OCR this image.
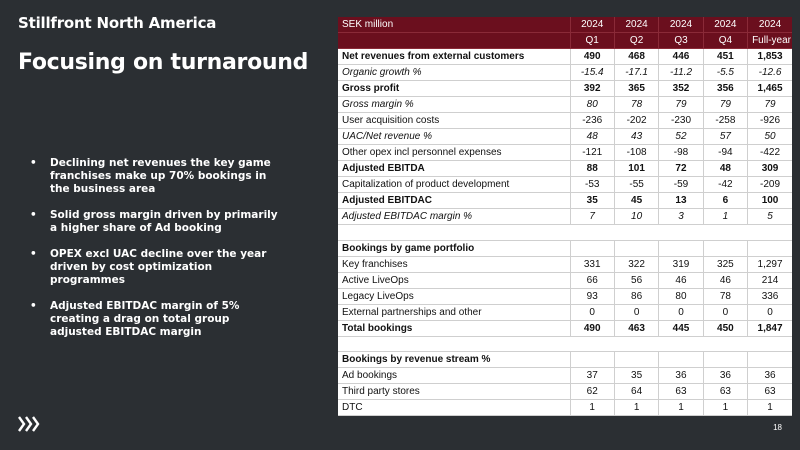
Stillfront North America
Focusing on turnaround
• Declining net revenues the key game franchises make up 70% bookings in the business area
• Solid gross margin driven by primarily a higher share of Ad booking
• OPEX excl UAC decline over the year driven by cost optimization programmes
• Adjusted EBITDAC margin of 5% creating a drag on total group adjusted EBITDAC margin
18
SEK million	2024	2024	2024	2024	2024
	Q1	Q2	Q3	Q4	Full-year
Net revenues from external customers	490	468	446	451	1,853
Organic growth %	-15.4	-17.1	-11.2	-5.5	-12.6
Gross profit	392	365	352	356	1,465
Gross margin %	80	78	79	79	79
User acquisition costs	-236	-202	-230	-258	-926
UAC/Net revenue %	48	43	52	57	50
Other opex incl personnel expenses	-121	-108	-98	-94	-422
Adjusted EBITDA	88	101	72	48	309
Capitalization of product development	-53	-55	-59	-42	-209
Adjusted EBITDAC	35	45	13	6	100
Adjusted EBITDAC margin %	7	10	3	1	5

Bookings by game portfolio					
Key franchises	331	322	319	325	1,297
Active LiveOps	66	56	46	46	214
Legacy LiveOps	93	86	80	78	336
External partnerships and other	0	0	0	0	0
Total bookings	490	463	445	450	1,847

Bookings by revenue stream %					
Ad bookings	37	35	36	36	36
Third party stores	62	64	63	63	63
DTC	1	1	1	1	1
